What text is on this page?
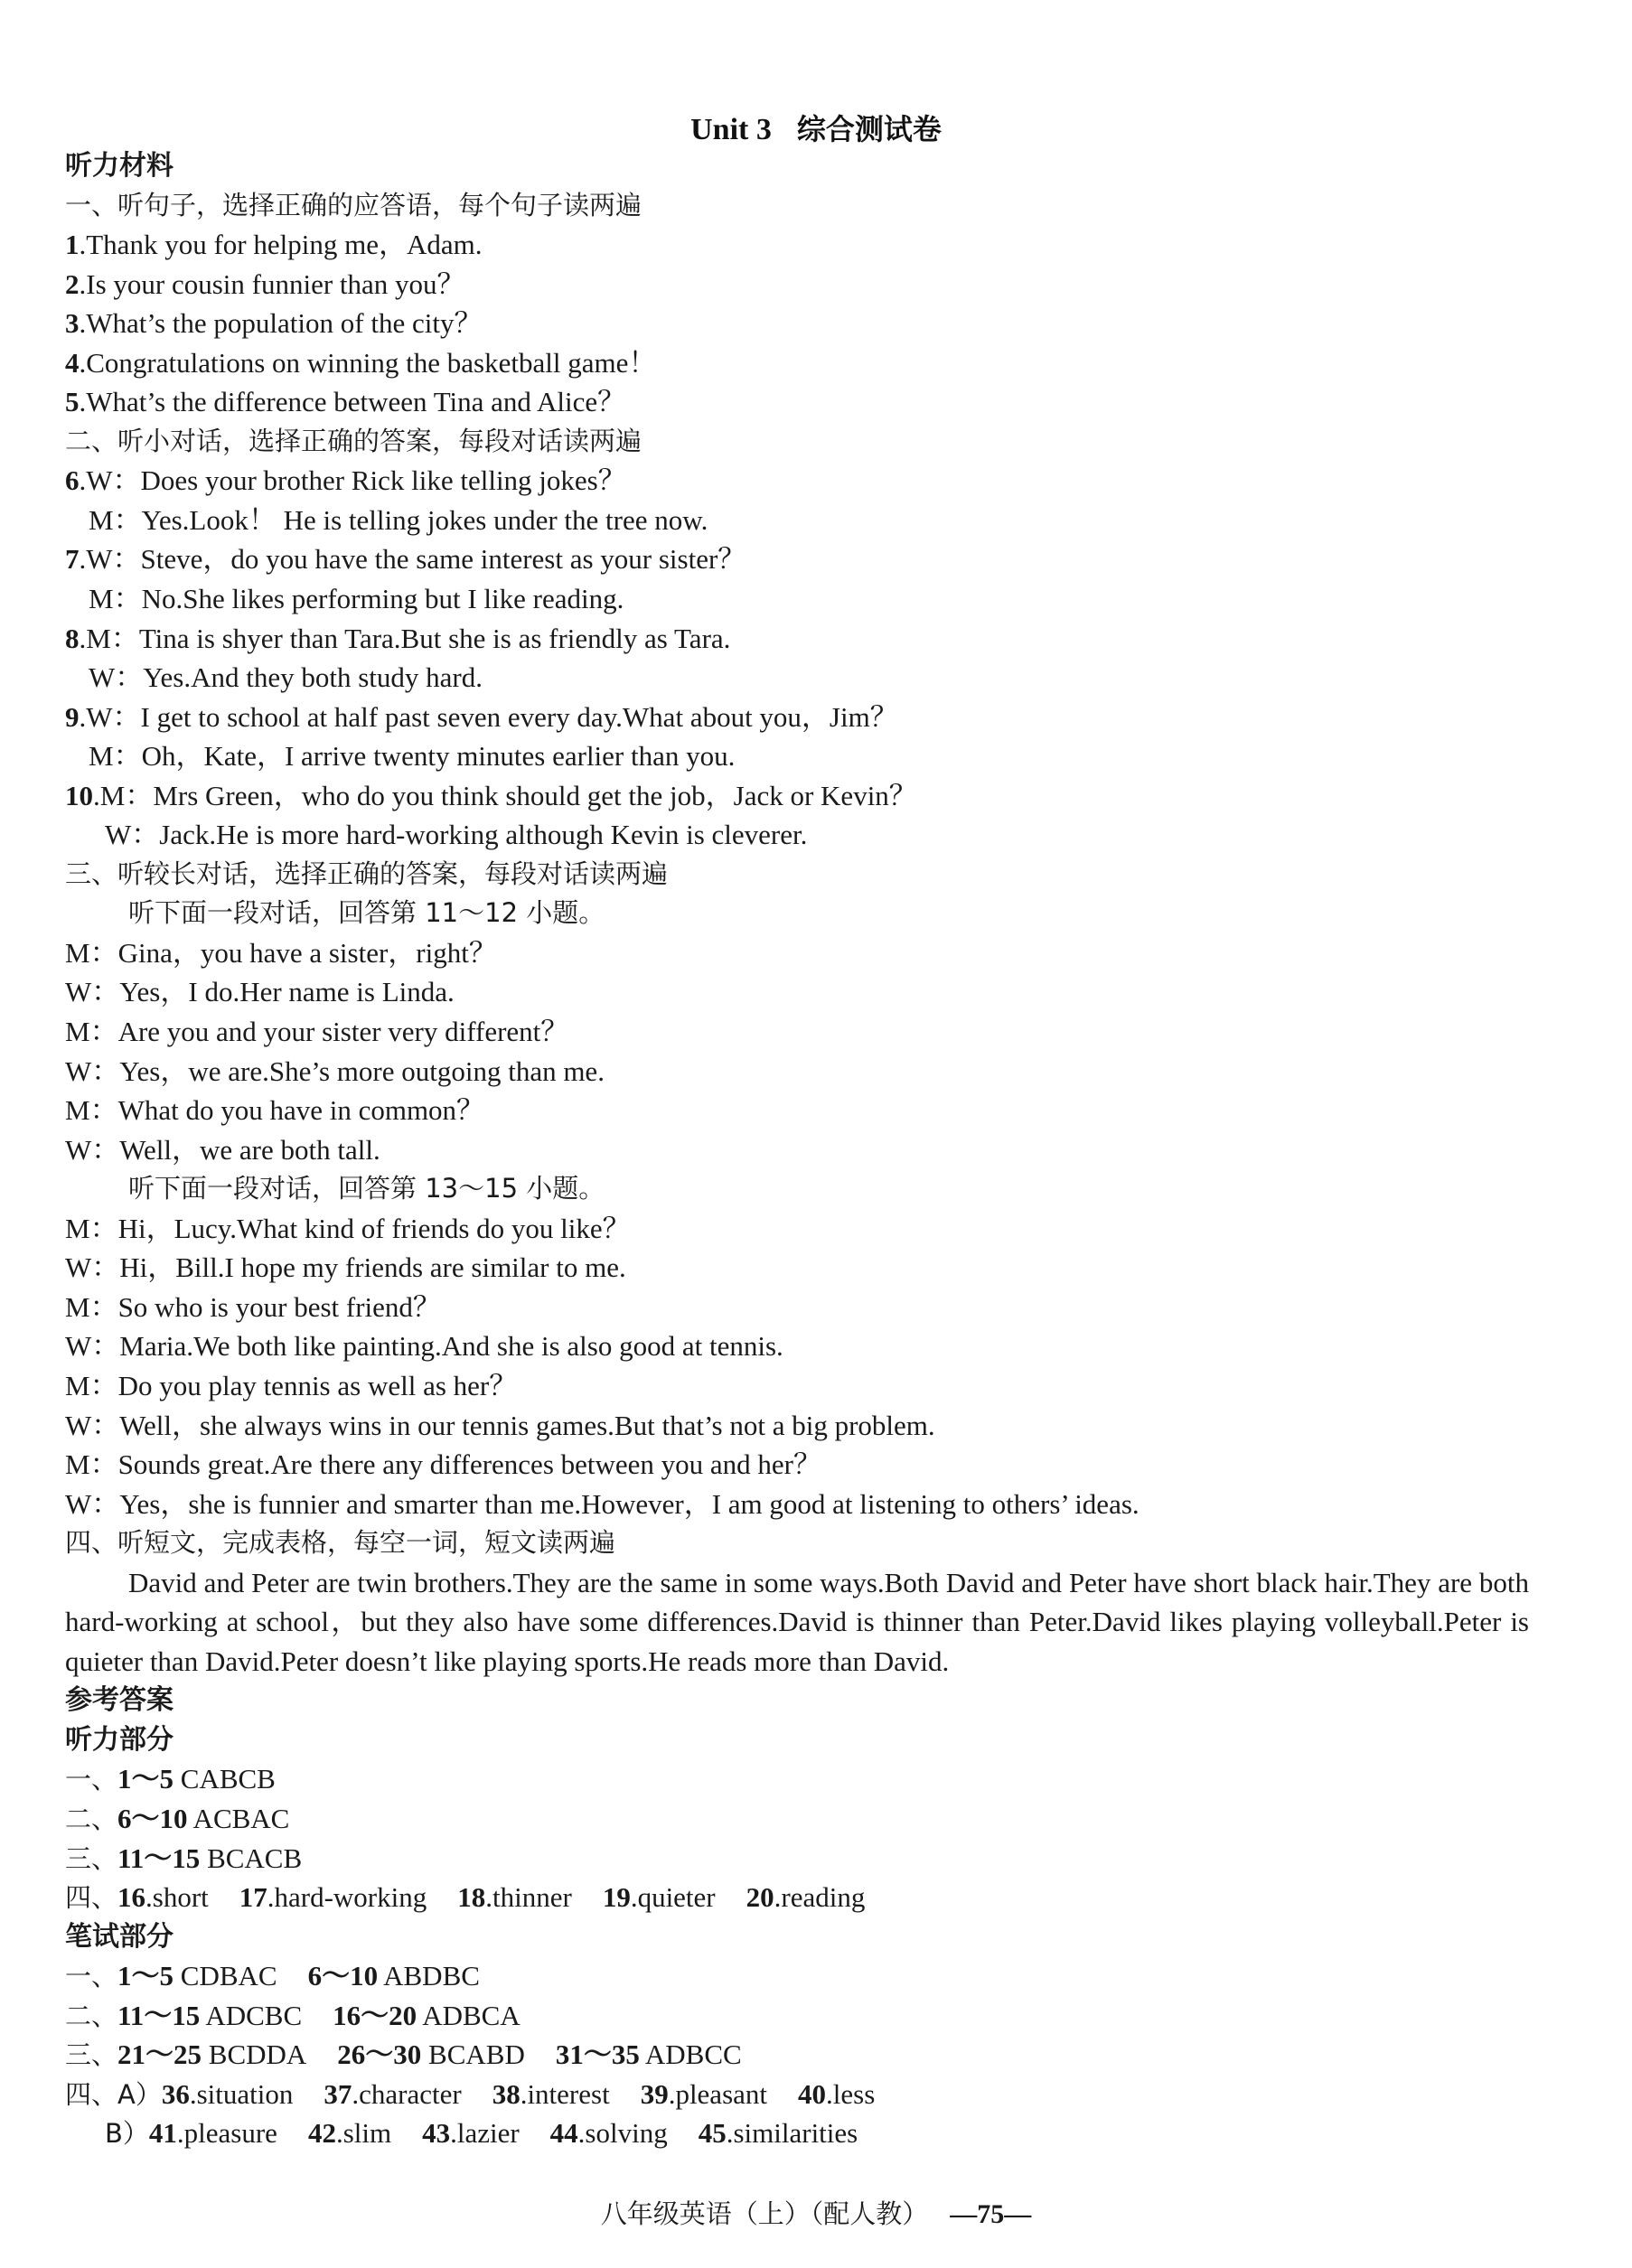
Unit 3 综合测试卷
听力材料
一、听句子，选择正确的应答语，每个句子读两遍
1.Thank you for helping me，Adam.
2.Is your cousin funnier than you？
3.What’s the population of the city？
4.Congratulations on winning the basketball game！
5.What’s the difference between Tina and Alice？
二、听小对话，选择正确的答案，每段对话读两遍
6.W：Does your brother Rick like telling jokes？
M：Yes.Look！ He is telling jokes under the tree now.
7.W：Steve，do you have the same interest as your sister？
M：No.She likes performing but I like reading.
8.M：Tina is shyer than Tara.But she is as friendly as Tara.
W：Yes.And they both study hard.
9.W：I get to school at half past seven every day.What about you，Jim？
M：Oh，Kate，I arrive twenty minutes earlier than you.
10.M：Mrs Green，who do you think should get the job，Jack or Kevin？
W：Jack.He is more hard-working although Kevin is cleverer.
三、听较长对话，选择正确的答案，每段对话读两遍
听下面一段对话，回答第 11～12 小题。
M：Gina，you have a sister，right？
W：Yes，I do.Her name is Linda.
M：Are you and your sister very different？
W：Yes，we are.She’s more outgoing than me.
M：What do you have in common？
W：Well，we are both tall.
听下面一段对话，回答第 13～15 小题。
M：Hi，Lucy.What kind of friends do you like？
W：Hi，Bill.I hope my friends are similar to me.
M：So who is your best friend？
W：Maria.We both like painting.And she is also good at tennis.
M：Do you play tennis as well as her？
W：Well，she always wins in our tennis games.But that’s not a big problem.
M：Sounds great.Are there any differences between you and her？
W：Yes，she is funnier and smarter than me.However，I am good at listening to others’ ideas.
四、听短文，完成表格，每空一词，短文读两遍
David and Peter are twin brothers.They are the same in some ways.Both David and Peter have short black hair.They are both hard-working at school，but they also have some differences.David is thinner than Peter.David likes playing volleyball.Peter is quieter than David.Peter doesn’t like playing sports.He reads more than David.
参考答案
听力部分
一、1～5 CABCB
二、6～10 ACBAC
三、11～15 BCACB
四、16.short 17.hard-working 18.thinner 19.quieter 20.reading
笔试部分
一、1～5 CDBAC 6～10 ABDBC
二、11～15 ADCBC 16～20 ADBCA
三、21～25 BCDDA 26～30 BCABD 31～35 ADBCC
四、A）36.situation 37.character 38.interest 39.pleasant 40.less
B）41.pleasure 42.slim 43.lazier 44.solving 45.similarities
八年级英语（上）（配人教） —75—
